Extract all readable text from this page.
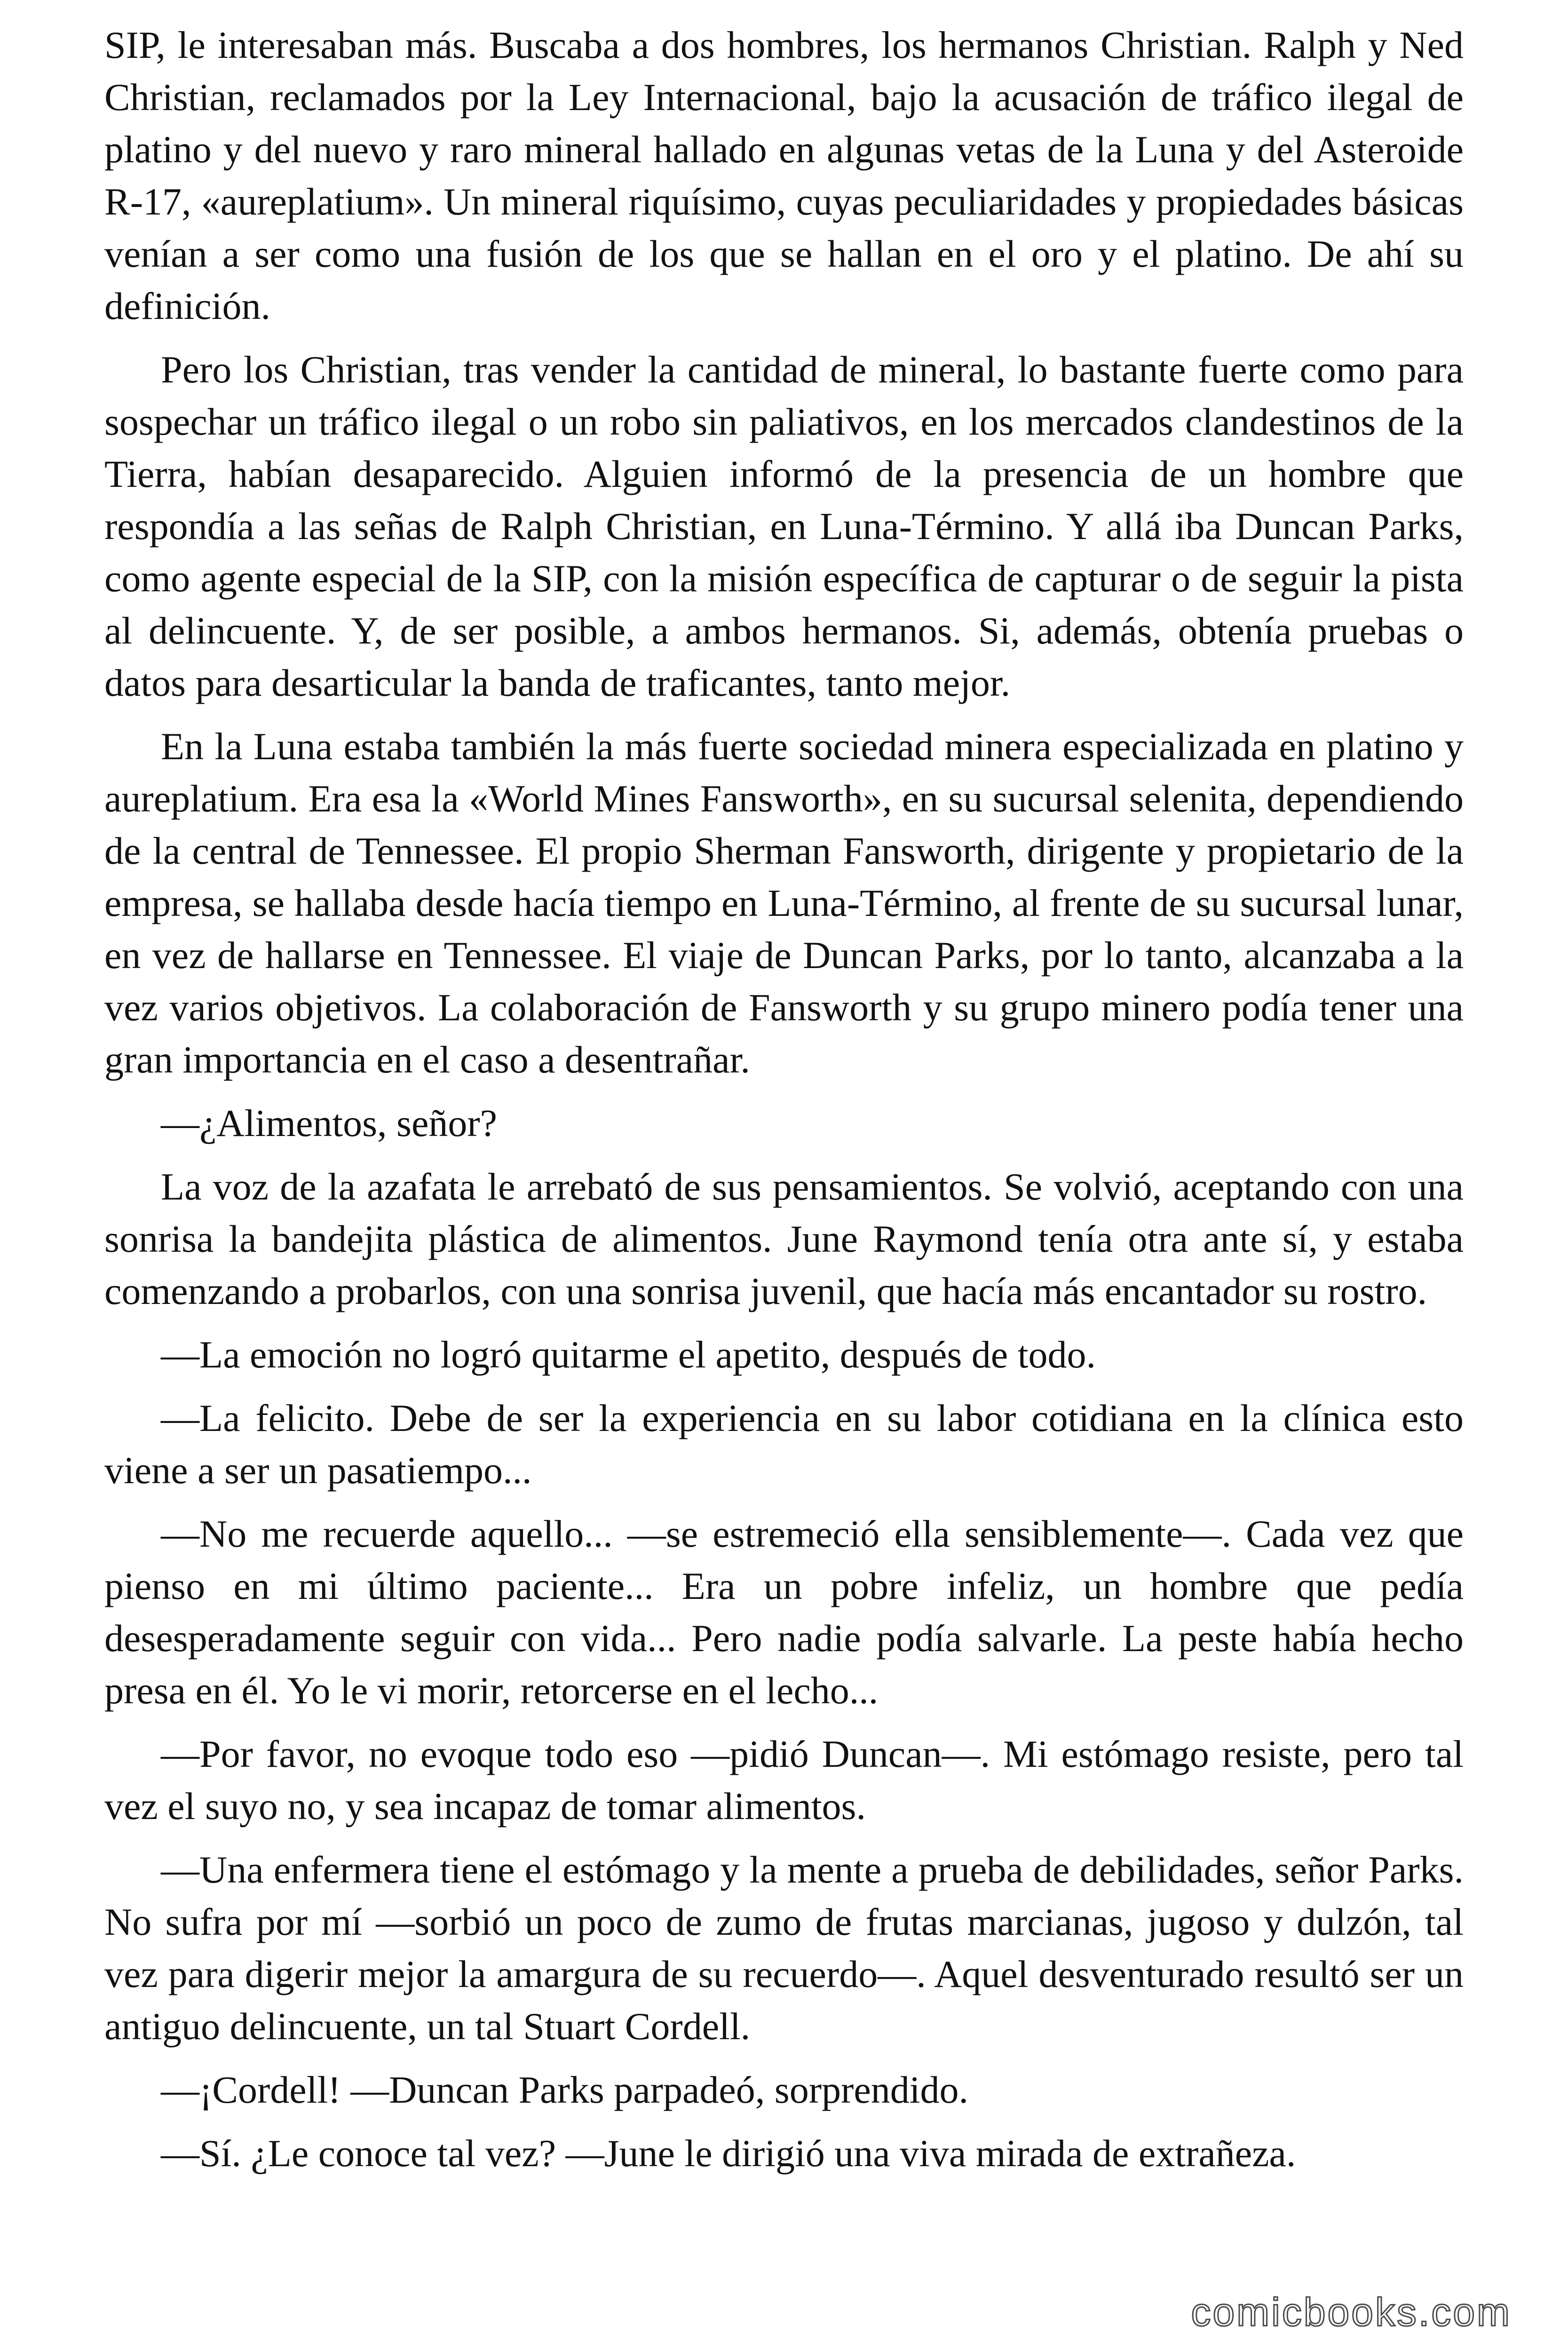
SIP, le interesaban más. Buscaba a dos hombres, los hermanos Christian. Ralph y Ned Christian, reclamados por la Ley Internacional, bajo la acusación de tráfico ilegal de platino y del nuevo y raro mineral hallado en algunas vetas de la Luna y del Asteroide R-17, «aureplatium». Un mineral riquísimo, cuyas peculiaridades y propiedades básicas venían a ser como una fusión de los que se hallan en el oro y el platino. De ahí su definición.

Pero los Christian, tras vender la cantidad de mineral, lo bastante fuerte como para sospechar un tráfico ilegal o un robo sin paliativos, en los mercados clandestinos de la Tierra, habían desaparecido. Alguien informó de la presencia de un hombre que respondía a las señas de Ralph Christian, en Luna-Término. Y allá iba Duncan Parks, como agente especial de la SIP, con la misión específica de capturar o de seguir la pista al delincuente. Y, de ser posible, a ambos hermanos. Si, además, obtenía pruebas o datos para desarticular la banda de traficantes, tanto mejor.

En la Luna estaba también la más fuerte sociedad minera especializada en platino y aureplatium. Era esa la «World Mines Fansworth», en su sucursal selenita, dependiendo de la central de Tennessee. El propio Sherman Fansworth, dirigente y propietario de la empresa, se hallaba desde hacía tiempo en Luna-Término, al frente de su sucursal lunar, en vez de hallarse en Tennessee. El viaje de Duncan Parks, por lo tanto, alcanzaba a la vez varios objetivos. La colaboración de Fansworth y su grupo minero podía tener una gran importancia en el caso a desentrañar.

—¿Alimentos, señor?

La voz de la azafata le arrebató de sus pensamientos. Se volvió, aceptando con una sonrisa la bandejita plástica de alimentos. June Raymond tenía otra ante sí, y estaba comenzando a probarlos, con una sonrisa juvenil, que hacía más encantador su rostro.

—La emoción no logró quitarme el apetito, después de todo.

—La felicito. Debe de ser la experiencia en su labor cotidiana en la clínica esto viene a ser un pasatiempo...

—No me recuerde aquello... —se estremeció ella sensiblemente—. Cada vez que pienso en mi último paciente... Era un pobre infeliz, un hombre que pedía desesperadamente seguir con vida... Pero nadie podía salvarle. La peste había hecho presa en él. Yo le vi morir, retorcerse en el lecho...

—Por favor, no evoque todo eso —pidió Duncan—. Mi estómago resiste, pero tal vez el suyo no, y sea incapaz de tomar alimentos.

—Una enfermera tiene el estómago y la mente a prueba de debilidades, señor Parks. No sufra por mí —sorbió un poco de zumo de frutas marcianas, jugoso y dulzón, tal vez para digerir mejor la amargura de su recuerdo—. Aquel desventurado resultó ser un antiguo delincuente, un tal Stuart Cordell.

—¡Cordell! —Duncan Parks parpadeó, sorprendido.

—Sí. ¿Le conoce tal vez? —June le dirigió una viva mirada de extrañeza.

comicbooks.com
